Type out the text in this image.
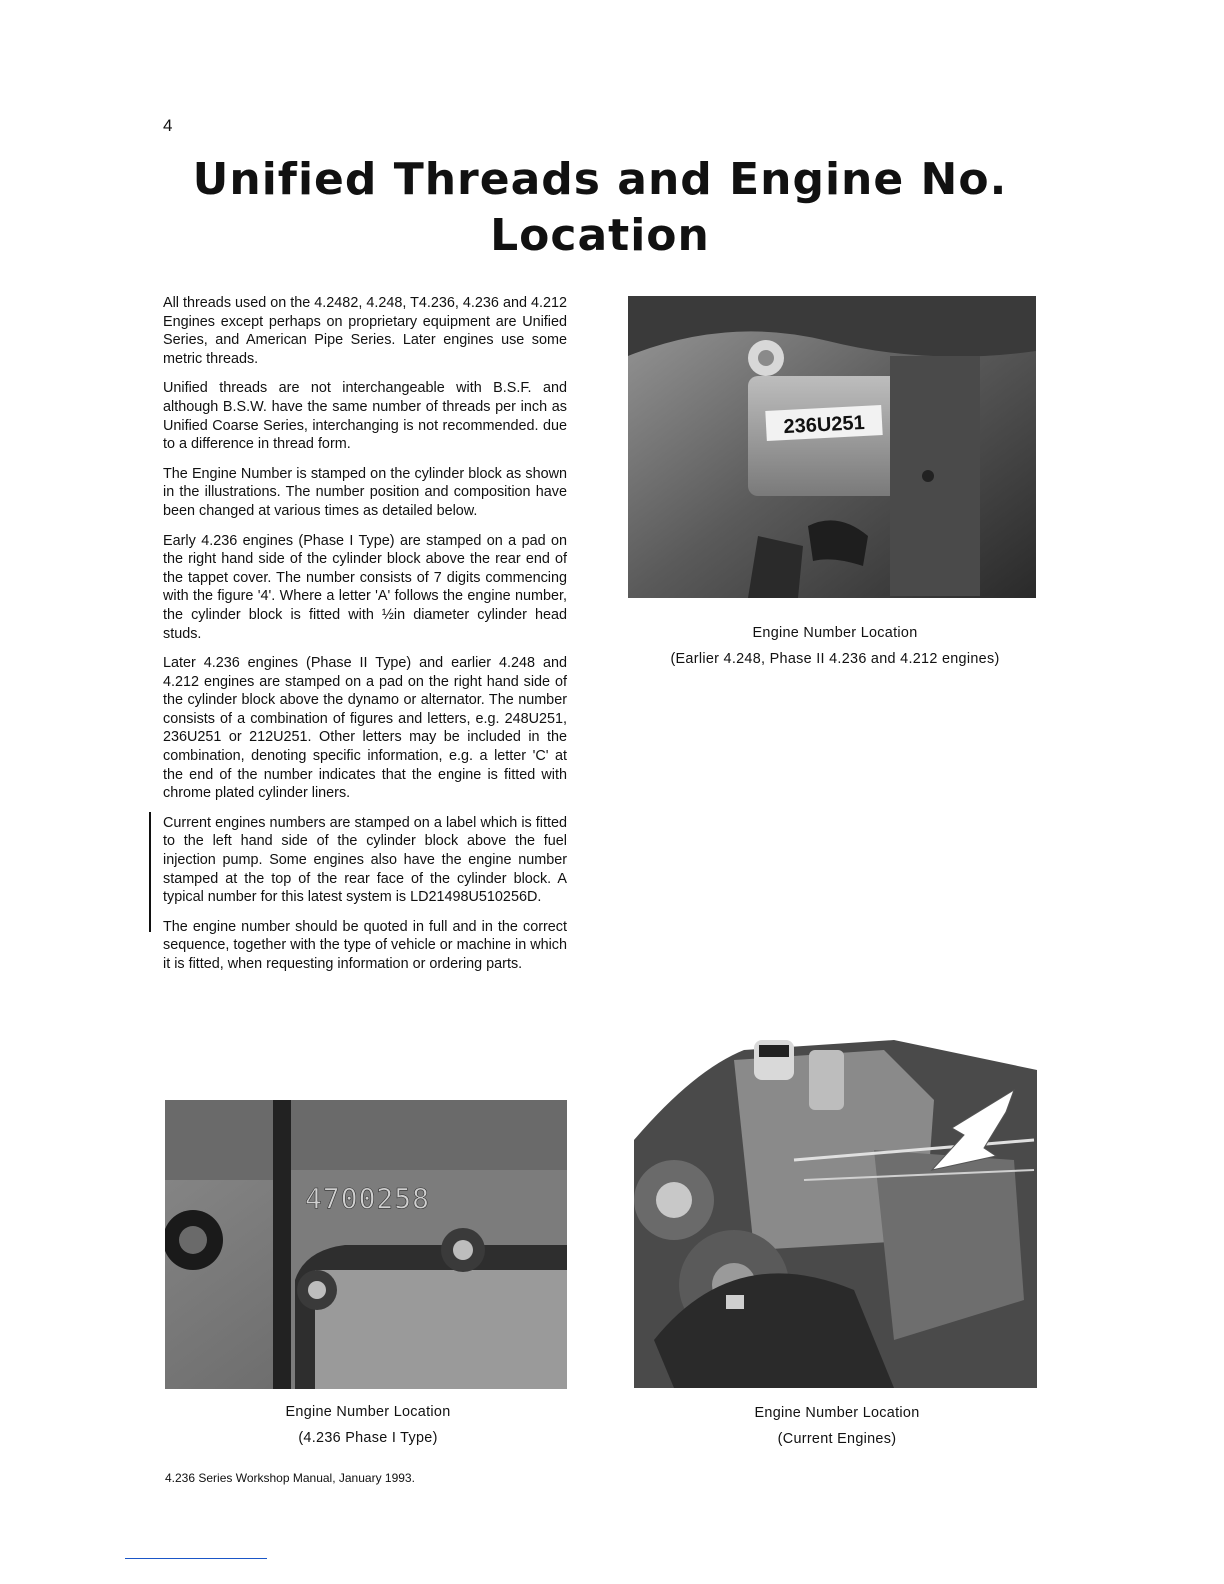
4
Unified Threads and Engine No.
Location

All threads used on the 4.2482, 4.248, T4.236, 4.236 and 4.212 Engines except perhaps on proprietary equipment are Unified Series, and American Pipe Series. Later engines use some metric threads.

Unified threads are not interchangeable with B.S.F. and although B.S.W. have the same number of threads per inch as Unified Coarse Series, interchanging is not recommended. due to a difference in thread form.

The Engine Number is stamped on the cylinder block as shown in the illustrations. The number position and composition have been changed at various times as detailed below.

Early 4.236 engines (Phase I Type) are stamped on a pad on the right hand side of the cylinder block above the rear end of the tappet cover. The number consists of 7 digits commencing with the figure '4'. Where a letter 'A' follows the engine number, the cylinder block is fitted with ½in diameter cylinder head studs.

Later 4.236 engines (Phase II Type) and earlier 4.248 and 4.212 engines are stamped on a pad on the right hand side of the cylinder block above the dynamo or alternator. The number consists of a combination of figures and letters, e.g. 248U251, 236U251 or 212U251. Other letters may be included in the combination, denoting specific information, e.g. a letter 'C' at the end of the number indicates that the engine is fitted with chrome plated cylinder liners.

Current engines numbers are stamped on a label which is fitted to the left hand side of the cylinder block above the fuel injection pump. Some engines also have the engine number stamped at the top of the rear face of the cylinder block. A typical number for this latest system is LD21498U510256D.

The engine number should be quoted in full and in the correct sequence, together with the type of vehicle or machine in which it is fitted, when requesting information or ordering parts.

236U251
Engine Number Location
(Earlier 4.248, Phase II 4.236 and 4.212 engines)
4700258
Engine Number Location
(4.236 Phase I Type)
Engine Number Location
(Current Engines)
4.236 Series Workshop Manual, January 1993.
